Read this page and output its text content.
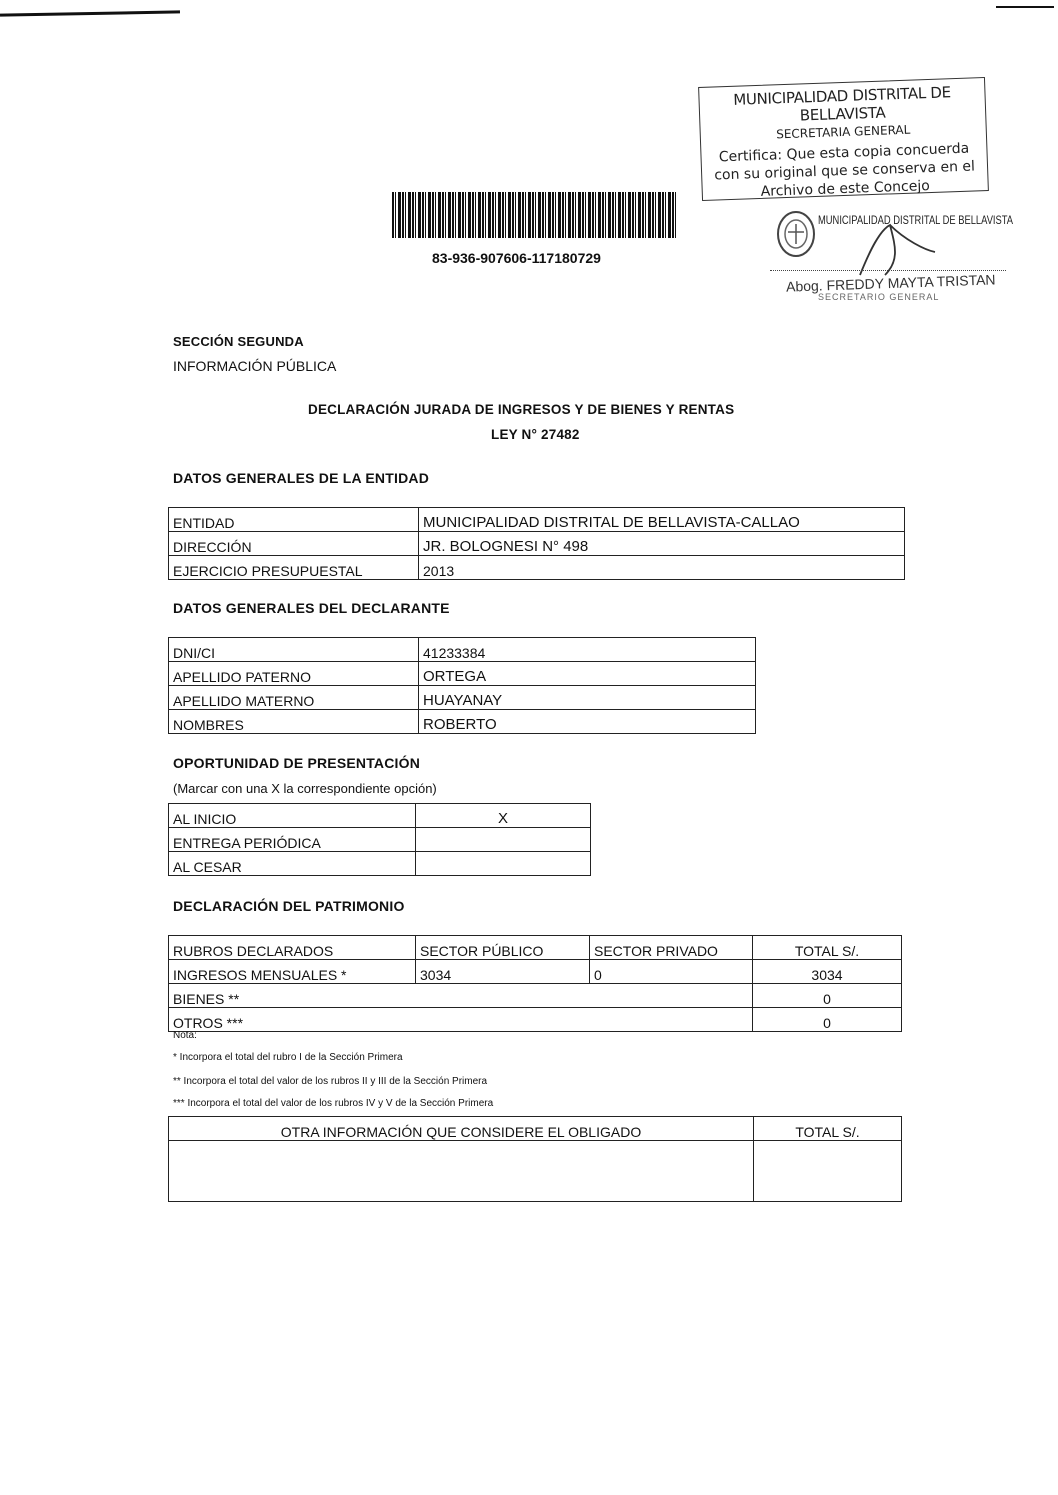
MUNICIPALIDAD DISTRITAL DE BELLAVISTA
SECRETARIA GENERAL
Certifica: Que esta copia concuerda
con su original que se conserva en el
Archivo de este Concejo
MUNICIPALIDAD DISTRITAL DE BELLAVISTA
Abog. FREDDY MAYTA TRISTAN
SECRETARIO GENERAL
83-936-907606-117180729
SECCIÓN SEGUNDA
INFORMACIÓN PÚBLICA
DECLARACIÓN JURADA DE INGRESOS Y DE BIENES Y RENTAS
LEY N° 27482
DATOS GENERALES DE LA ENTIDAD
ENTIDAD	MUNICIPALIDAD DISTRITAL DE BELLAVISTA-CALLAO
DIRECCIÓN	JR. BOLOGNESI N° 498
EJERCICIO PRESUPUESTAL	2013
DATOS GENERALES DEL DECLARANTE
DNI/CI	41233384
APELLIDO PATERNO	ORTEGA
APELLIDO MATERNO	HUAYANAY
NOMBRES	ROBERTO
OPORTUNIDAD DE PRESENTACIÓN
(Marcar con una X la correspondiente opción)
AL INICIO	X
ENTREGA PERIÓDICA	
AL CESAR	
DECLARACIÓN DEL PATRIMONIO
RUBROS DECLARADOS	SECTOR PÚBLICO	SECTOR PRIVADO	TOTAL S/.
INGRESOS MENSUALES *	3034	0	3034
BIENES **			0
OTROS ***			0
Nota:
* Incorpora el total del rubro I de la Sección Primera
** Incorpora el total del valor de los rubros II y III de la Sección Primera
*** Incorpora el total del valor de los rubros IV y V de la Sección Primera
OTRA INFORMACIÓN QUE CONSIDERE EL OBLIGADO	TOTAL S/.
